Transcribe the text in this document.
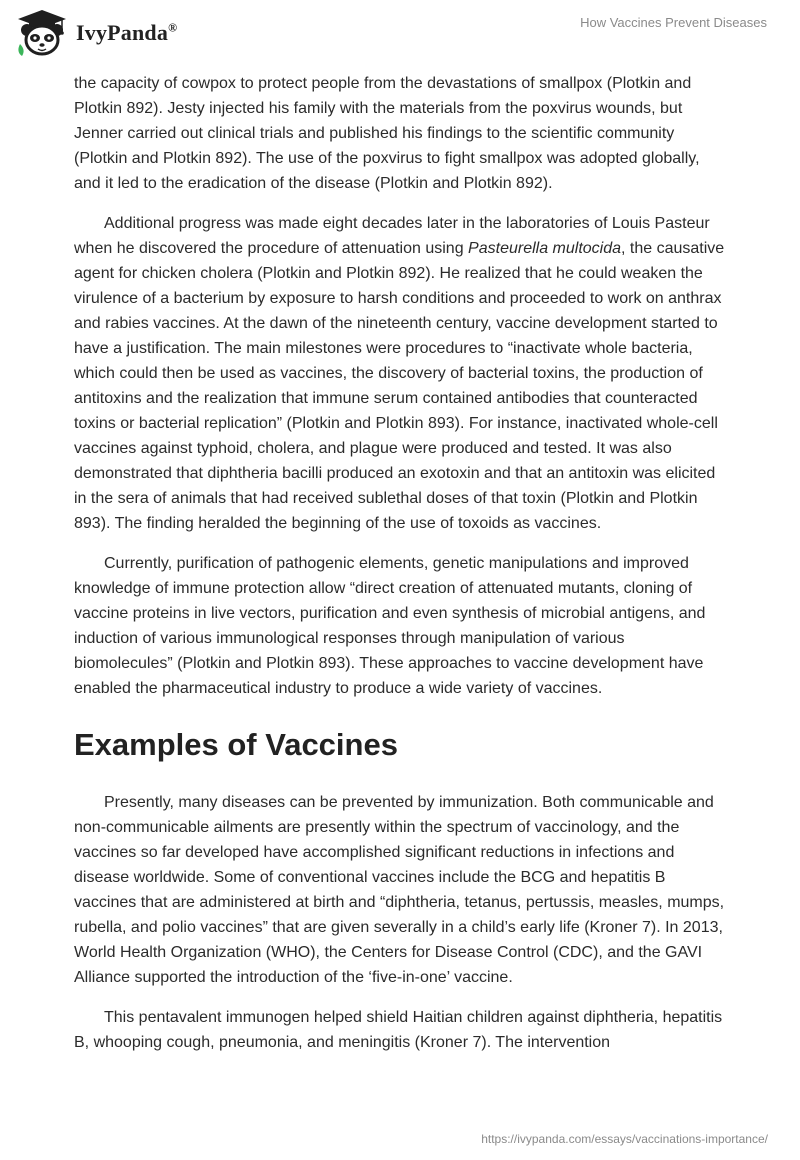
IvyPanda®	How Vaccines Prevent Diseases

the capacity of cowpox to protect people from the devastations of smallpox (Plotkin and Plotkin 892). Jesty injected his family with the materials from the poxvirus wounds, but Jenner carried out clinical trials and published his findings to the scientific community (Plotkin and Plotkin 892). The use of the poxvirus to fight smallpox was adopted globally, and it led to the eradication of the disease (Plotkin and Plotkin 892).

Additional progress was made eight decades later in the laboratories of Louis Pasteur when he discovered the procedure of attenuation using Pasteurella multocida, the causative agent for chicken cholera (Plotkin and Plotkin 892). He realized that he could weaken the virulence of a bacterium by exposure to harsh conditions and proceeded to work on anthrax and rabies vaccines. At the dawn of the nineteenth century, vaccine development started to have a justification. The main milestones were procedures to “inactivate whole bacteria, which could then be used as vaccines, the discovery of bacterial toxins, the production of antitoxins and the realization that immune serum contained antibodies that counteracted toxins or bacterial replication” (Plotkin and Plotkin 893). For instance, inactivated whole-cell vaccines against typhoid, cholera, and plague were produced and tested. It was also demonstrated that diphtheria bacilli produced an exotoxin and that an antitoxin was elicited in the sera of animals that had received sublethal doses of that toxin (Plotkin and Plotkin 893). The finding heralded the beginning of the use of toxoids as vaccines.

Currently, purification of pathogenic elements, genetic manipulations and improved knowledge of immune protection allow “direct creation of attenuated mutants, cloning of vaccine proteins in live vectors, purification and even synthesis of microbial antigens, and induction of various immunological responses through manipulation of various biomolecules” (Plotkin and Plotkin 893). These approaches to vaccine development have enabled the pharmaceutical industry to produce a wide variety of vaccines.

Examples of Vaccines

Presently, many diseases can be prevented by immunization. Both communicable and non-communicable ailments are presently within the spectrum of vaccinology, and the vaccines so far developed have accomplished significant reductions in infections and disease worldwide. Some of conventional vaccines include the BCG and hepatitis B vaccines that are administered at birth and “diphtheria, tetanus, pertussis, measles, mumps, rubella, and polio vaccines” that are given severally in a child’s early life (Kroner 7). In 2013, World Health Organization (WHO), the Centers for Disease Control (CDC), and the GAVI Alliance supported the introduction of the ‘five-in-one’ vaccine.

This pentavalent immunogen helped shield Haitian children against diphtheria, hepatitis B, whooping cough, pneumonia, and meningitis (Kroner 7). The intervention

https://ivypanda.com/essays/vaccinations-importance/
